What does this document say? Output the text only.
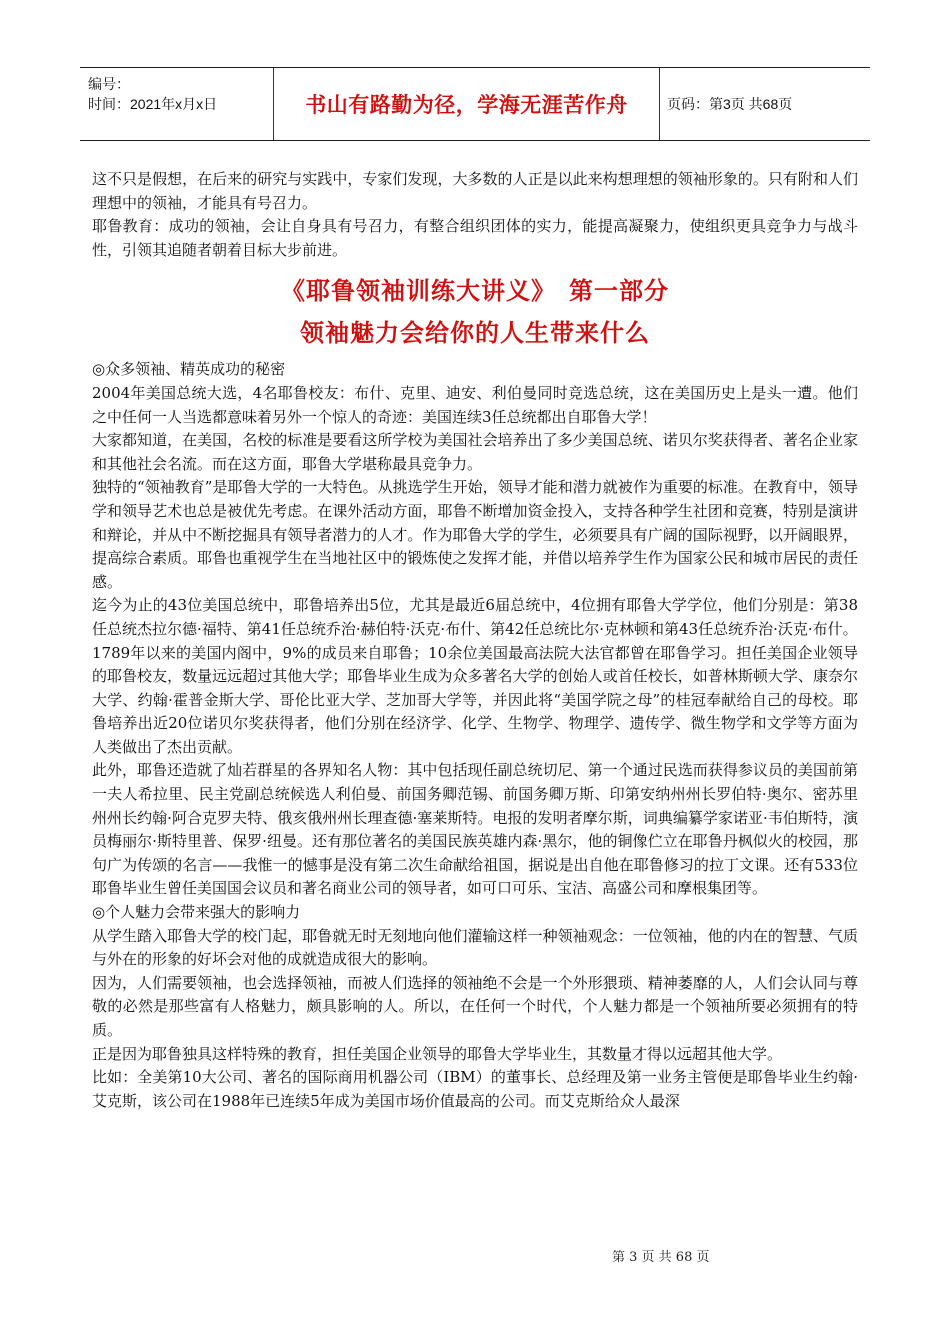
编号：
时间：2021年x月x日	书山有路勤为径，学海无涯苦作舟	页码：第3页 共68页

这不只是假想，在后来的研究与实践中，专家们发现，大多数的人正是以此来构想理想的领袖形象的。只有附和人们理想中的领袖，才能具有号召力。

耶鲁教育：成功的领袖，会让自身具有号召力，有整合组织团体的实力，能提高凝聚力，使组织更具竞争力与战斗性，引领其追随者朝着目标大步前进。

《耶鲁领袖训练大讲义》　第一部分
领袖魅力会给你的人生带来什么

◎众多领袖、精英成功的秘密

2004年美国总统大选，4名耶鲁校友：布什、克里、迪安、利伯曼同时竞选总统，这在美国历史上是头一遭。他们之中任何一人当选都意味着另外一个惊人的奇迹：美国连续3任总统都出自耶鲁大学！

大家都知道，在美国，名校的标准是要看这所学校为美国社会培养出了多少美国总统、诺贝尔奖获得者、著名企业家和其他社会名流。而在这方面，耶鲁大学堪称最具竞争力。

独特的“领袖教育”是耶鲁大学的一大特色。从挑选学生开始，领导才能和潜力就被作为重要的标准。在教育中，领导学和领导艺术也总是被优先考虑。在课外活动方面，耶鲁不断增加资金投入，支持各种学生社团和竞赛，特别是演讲和辩论，并从中不断挖掘具有领导者潜力的人才。作为耶鲁大学的学生，必须要具有广阔的国际视野，以开阔眼界，提高综合素质。耶鲁也重视学生在当地社区中的锻炼使之发挥才能，并借以培养学生作为国家公民和城市居民的责任感。

迄今为止的43位美国总统中，耶鲁培养出5位，尤其是最近6届总统中，4位拥有耶鲁大学学位，他们分别是：第38任总统杰拉尔德·福特、第41任总统乔治·赫伯特·沃克·布什、第42任总统比尔·克林顿和第43任总统乔治·沃克·布什。

1789年以来的美国内阁中，9%的成员来自耶鲁；10余位美国最高法院大法官都曾在耶鲁学习。担任美国企业领导的耶鲁校友，数量远远超过其他大学；耶鲁毕业生成为众多著名大学的创始人或首任校长，如普林斯顿大学、康奈尔大学、约翰·霍普金斯大学、哥伦比亚大学、芝加哥大学等，并因此将“美国学院之母”的桂冠奉献给自己的母校。耶鲁培养出近20位诺贝尔奖获得者，他们分别在经济学、化学、生物学、物理学、遗传学、微生物学和文学等方面为人类做出了杰出贡献。

此外，耶鲁还造就了灿若群星的各界知名人物：其中包括现任副总统切尼、第一个通过民选而获得参议员的美国前第一夫人希拉里、民主党副总统候选人利伯曼、前国务卿范锡、前国务卿万斯、印第安纳州州长罗伯特·奥尔、密苏里州州长约翰·阿合克罗夫特、俄亥俄州州长理查德·塞莱斯特。电报的发明者摩尔斯，词典编纂学家诺亚·韦伯斯特，演员梅丽尔·斯特里普、保罗·纽曼。还有那位著名的美国民族英雄内森·黑尔，他的铜像伫立在耶鲁丹枫似火的校园，那句广为传颂的名言——我惟一的憾事是没有第二次生命献给祖国，据说是出自他在耶鲁修习的拉丁文课。还有533位耶鲁毕业生曾任美国国会议员和著名商业公司的领导者，如可口可乐、宝洁、高盛公司和摩根集团等。

◎个人魅力会带来强大的影响力

从学生踏入耶鲁大学的校门起，耶鲁就无时无刻地向他们灌输这样一种领袖观念：一位领袖，他的内在的智慧、气质与外在的形象的好坏会对他的成就造成很大的影响。

因为，人们需要领袖，也会选择领袖，而被人们选择的领袖绝不会是一个外形猥琐、精神萎靡的人，人们会认同与尊敬的必然是那些富有人格魅力，颇具影响的人。所以，在任何一个时代，个人魅力都是一个领袖所要必须拥有的特质。

正是因为耶鲁独具这样特殊的教育，担任美国企业领导的耶鲁大学毕业生，其数量才得以远超其他大学。

比如：全美第10大公司、著名的国际商用机器公司（IBM）的董事长、总经理及第一业务主管便是耶鲁毕业生约翰·艾克斯，该公司在1988年已连续5年成为美国市场价值最高的公司。而艾克斯给众人最深

第 3 页 共 68 页
